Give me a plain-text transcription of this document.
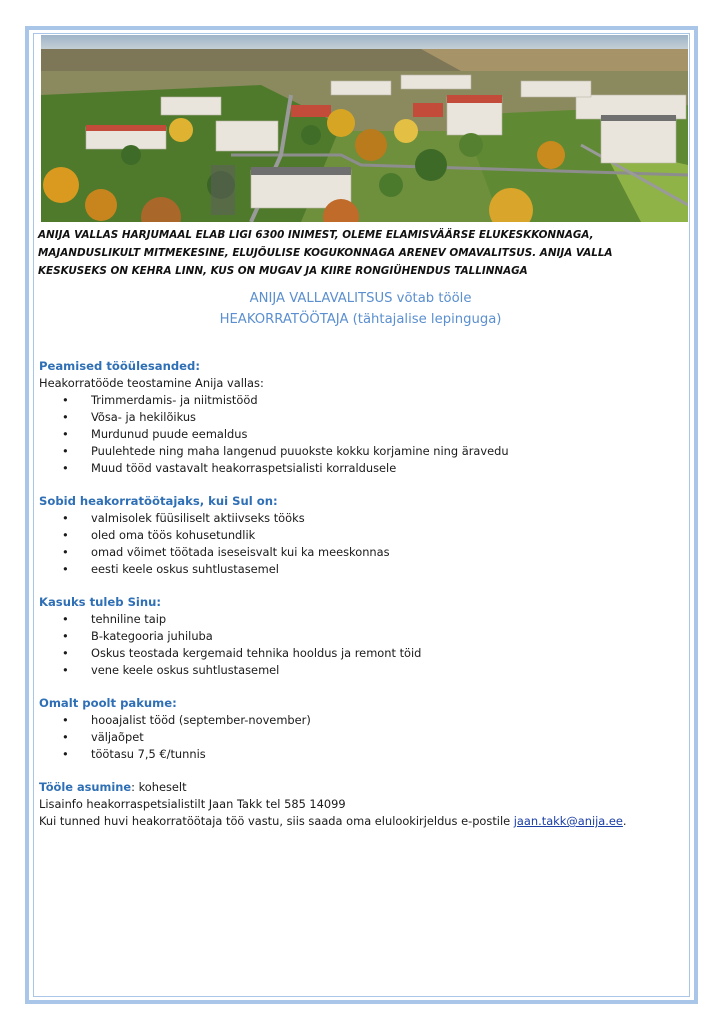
ANIJA VALLAS HARJUMAAL ELAB LIGI 6300 INIMEST, OLEME ELAMISVÄÄRSE ELUKESKKONNAGA, MAJANDUSLIKULT MITMEKESINE, ELUJÕULISE KOGUKONNAGA ARENEV OMAVALITSUS. ANIJA VALLA KESKUSEKS ON KEHRA LINN, KUS ON MUGAV JA KIIRE RONGIÜHENDUS TALLINNAGA

ANIJA VALLAVALITSUS võtab tööle
HEAKORRATÖÖTAJA (tähtajalise lepinguga)

Peamised tööülesanded:

Heakorratööde teostamine Anija vallas:

• Trimmerdamis- ja niitmistööd
• Võsa- ja hekilõikus
• Murdunud puude eemaldus
• Puulehtede ning maha langenud puuokste kokku korjamine ning äravedu
• Muud tööd vastavalt heakorraspetsialisti korraldusele

Sobid heakorratöötajaks, kui Sul on:

• valmisolek füüsiliselt aktiivseks tööks
• oled oma töös kohusetundlik
• omad võimet töötada iseseisvalt kui ka meeskonnas
• eesti keele oskus suhtlustasemel

Kasuks tuleb Sinu:

• tehniline taip
• B-kategooria juhiluba
• Oskus teostada kergemaid tehnika hooldus ja remont töid
• vene keele oskus suhtlustasemel

Omalt poolt pakume:

• hooajalist tööd (september-november)
• väljaõpet
• töötasu 7,5 €/tunnis

Tööle asumine: koheselt

Lisainfo heakorraspetsialistilt Jaan Takk tel 585 14099

Kui tunned huvi heakorratöötaja töö vastu, siis saada oma elulookirjeldus e-postile jaan.takk@anija.ee.
